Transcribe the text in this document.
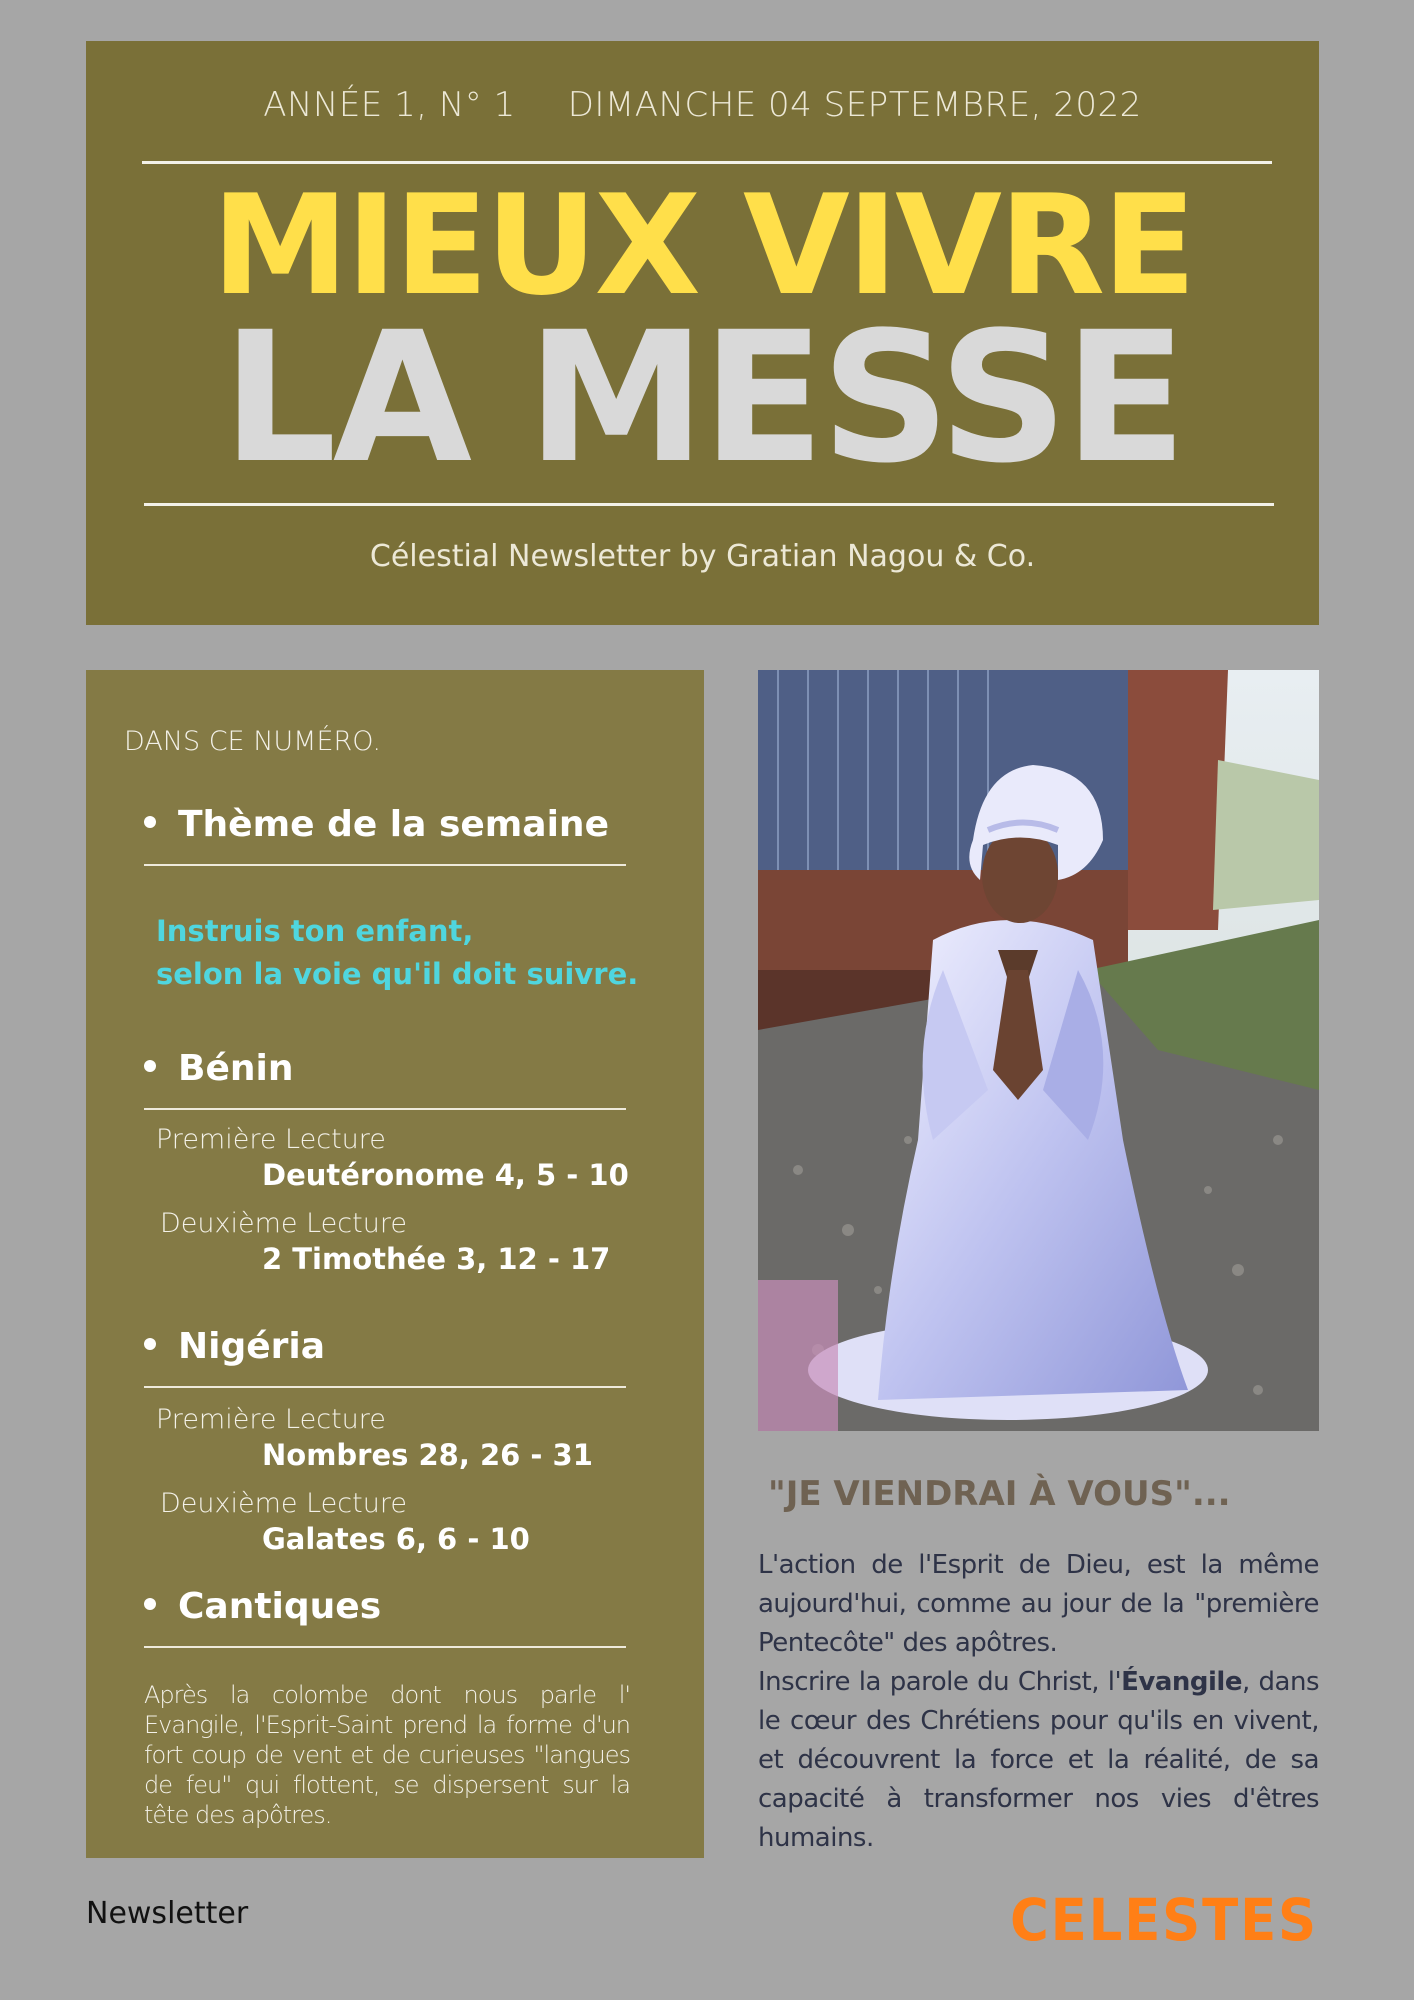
ANNÉE 1, N° 1 DIMANCHE 04 SEPTEMBRE, 2022
MIEUX VIVRE
LA MESSE
Célestial Newsletter by Gratian Nagou & Co.
DANS CE NUMÉRO.
Thème de la semaine
Instruis ton enfant,
selon la voie qu'il doit suivre.
Bénin
Première Lecture
Deutéronome 4, 5 - 10
Deuxième Lecture
2 Timothée 3, 12 - 17
Nigéria
Première Lecture
Nombres 28, 26 - 31
Deuxième Lecture
Galates 6, 6 - 10
Cantiques
Après la colombe dont nous parle l' Evangile, l'Esprit-Saint prend la forme d'un fort coup de vent et de curieuses "langues de feu" qui flottent, se dispersent sur la tête des apôtres.
"JE VIENDRAI À VOUS"...

L'action de l'Esprit de Dieu, est la même aujourd'hui, comme au jour de la "première Pentecôte" des apôtres.

Inscrire la parole du Christ, l'Évangile, dans le cœur des Chrétiens pour qu'ils en vivent, et découvrent la force et la réalité, de sa capacité à transformer nos vies d'êtres humains.

Newsletter	CELESTES
